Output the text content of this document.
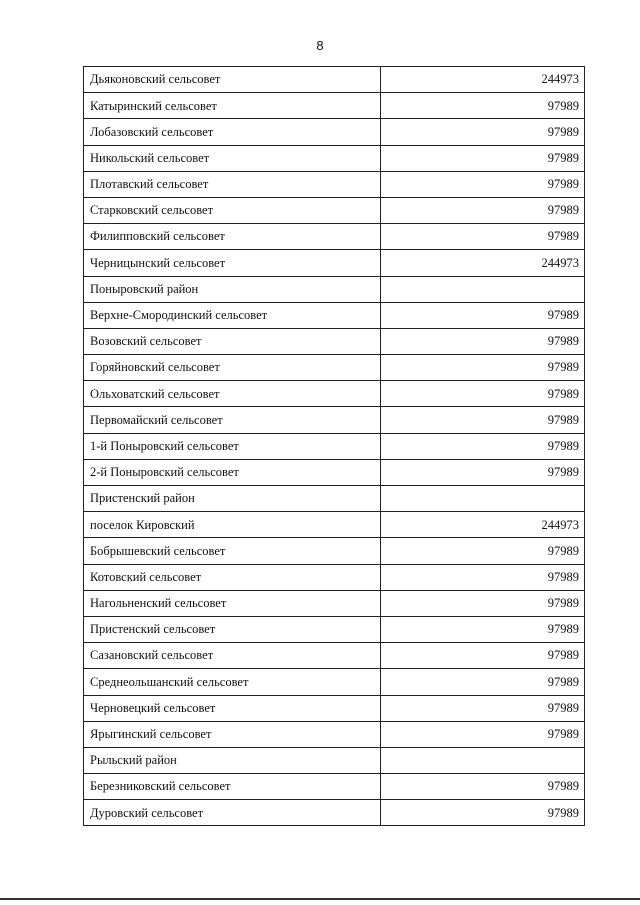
8
Дьяконовский сельсовет	244973
Катыринский сельсовет	97989
Лобазовский сельсовет	97989
Никольский сельсовет	97989
Плотавский сельсовет	97989
Старковский сельсовет	97989
Филипповский сельсовет	97989
Черницынский сельсовет	244973
Поныровский район	
Верхне-Смородинский сельсовет	97989
Возовский сельсовет	97989
Горяйновский сельсовет	97989
Ольховатский сельсовет	97989
Первомайский сельсовет	97989
1-й Поныровский сельсовет	97989
2-й Поныровский сельсовет	97989
Пристенский район	
поселок Кировский	244973
Бобрышевский сельсовет	97989
Котовский сельсовет	97989
Нагольненский сельсовет	97989
Пристенский сельсовет	97989
Сазановский сельсовет	97989
Среднеольшанский сельсовет	97989
Черновецкий сельсовет	97989
Ярыгинский сельсовет	97989
Рыльский район	
Березниковский сельсовет	97989
Дуровский сельсовет	97989
